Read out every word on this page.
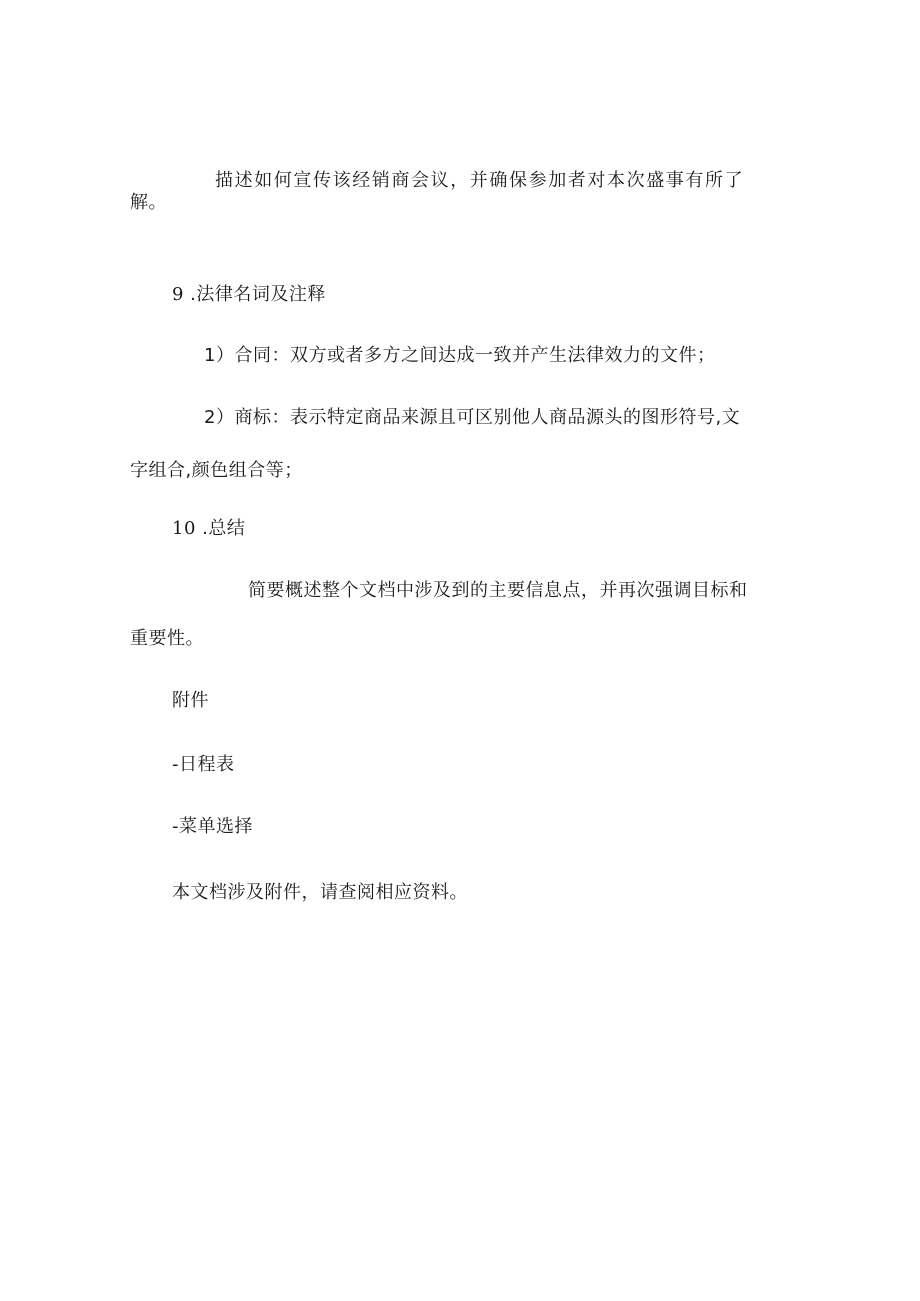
描述如何宣传该经销商会议，并确保参加者对本次盛事有所了
解。
9 .法律名词及注释
1）合同：双方或者多方之间达成一致并产生法律效力的文件；
2）商标：表示特定商品来源且可区别他人商品源头的图形符号,文
字组合,颜色组合等；
10 .总结
简要概述整个文档中涉及到的主要信息点，并再次强调目标和
重要性。
附件
-日程表
-菜单选择
本文档涉及附件，请查阅相应资料。
